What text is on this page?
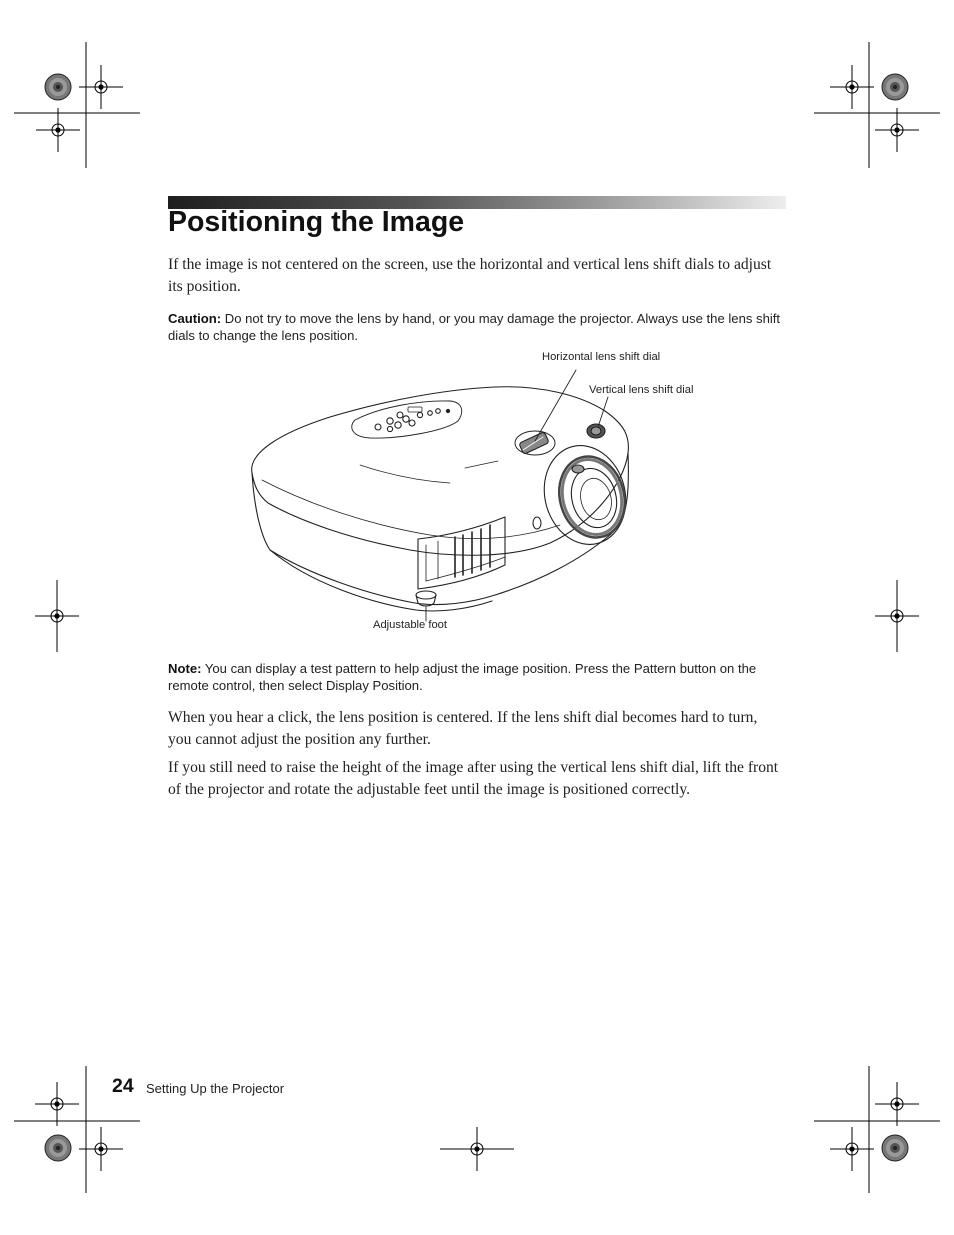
Positioning the Image
If the image is not centered on the screen, use the horizontal and vertical lens shift dials to adjust its position.
Caution: Do not try to move the lens by hand, or you may damage the projector. Always use the lens shift dials to change the lens position.
Horizontal lens shift dial
Vertical lens shift dial
Adjustable foot
Note: You can display a test pattern to help adjust the image position. Press the Pattern button on the remote control, then select Display Position.
When you hear a click, the lens position is centered. If the lens shift dial becomes hard to turn, you cannot adjust the position any further.
If you still need to raise the height of the image after using the vertical lens shift dial, lift the front of the projector and rotate the adjustable feet until the image is positioned correctly.
24 Setting Up the Projector
